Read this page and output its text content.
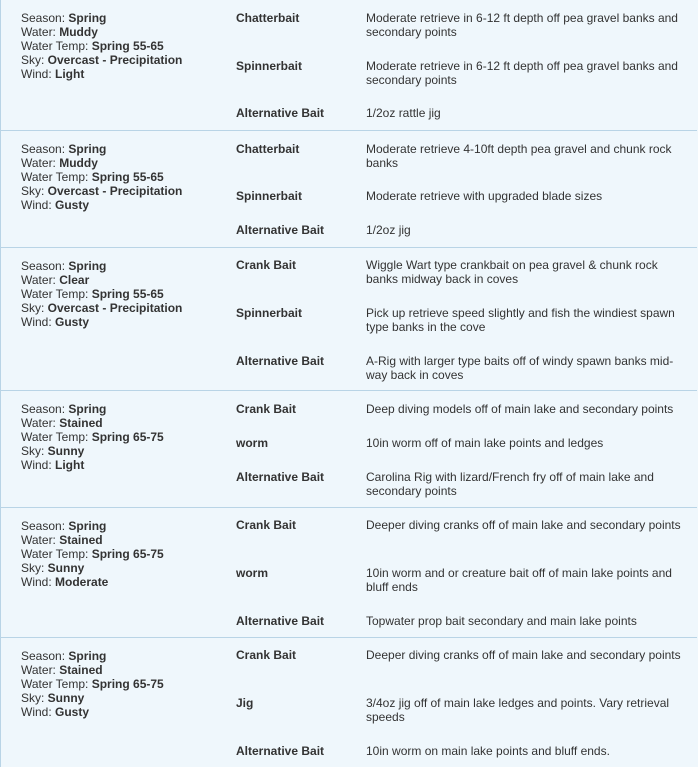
Season: Spring
Water: Muddy
Water Temp: Spring 55-65
Sky: Overcast - Precipitation
Wind: Light
Chatterbait	Moderate retrieve in 6-12 ft depth off pea gravel banks and secondary points
Spinnerbait	Moderate retrieve in 6-12 ft depth off pea gravel banks and secondary points
Alternative Bait	1/2oz rattle jig
Season: Spring
Water: Muddy
Water Temp: Spring 55-65
Sky: Overcast - Precipitation
Wind: Gusty
Chatterbait	Moderate retrieve 4-10ft depth pea gravel and chunk rock banks
Spinnerbait	Moderate retrieve with upgraded blade sizes
Alternative Bait	1/2oz jig
Season: Spring
Water: Clear
Water Temp: Spring 55-65
Sky: Overcast - Precipitation
Wind: Gusty
Crank Bait	Wiggle Wart type crankbait on pea gravel & chunk rock banks midway back in coves
Spinnerbait	Pick up retrieve speed slightly and fish the windiest spawn type banks in the cove
Alternative Bait	A-Rig with larger type baits off of windy spawn banks mid-way back in coves
Season: Spring
Water: Stained
Water Temp: Spring 65-75
Sky: Sunny
Wind: Light
Crank Bait	Deep diving models off of main lake and secondary points
worm	10in worm off of main lake points and ledges
Alternative Bait	Carolina Rig with lizard/French fry off of main lake and secondary points
Season: Spring
Water: Stained
Water Temp: Spring 65-75
Sky: Sunny
Wind: Moderate
Crank Bait	Deeper diving cranks off of main lake and secondary points
worm	10in worm and or creature bait off of main lake points and bluff ends
Alternative Bait	Topwater prop bait secondary and main lake points
Season: Spring
Water: Stained
Water Temp: Spring 65-75
Sky: Sunny
Wind: Gusty
Crank Bait	Deeper diving cranks off of main lake and secondary points
Jig	3/4oz jig off of main lake ledges and points. Vary retrieval speeds
Alternative Bait	10in worm on main lake points and bluff ends.
